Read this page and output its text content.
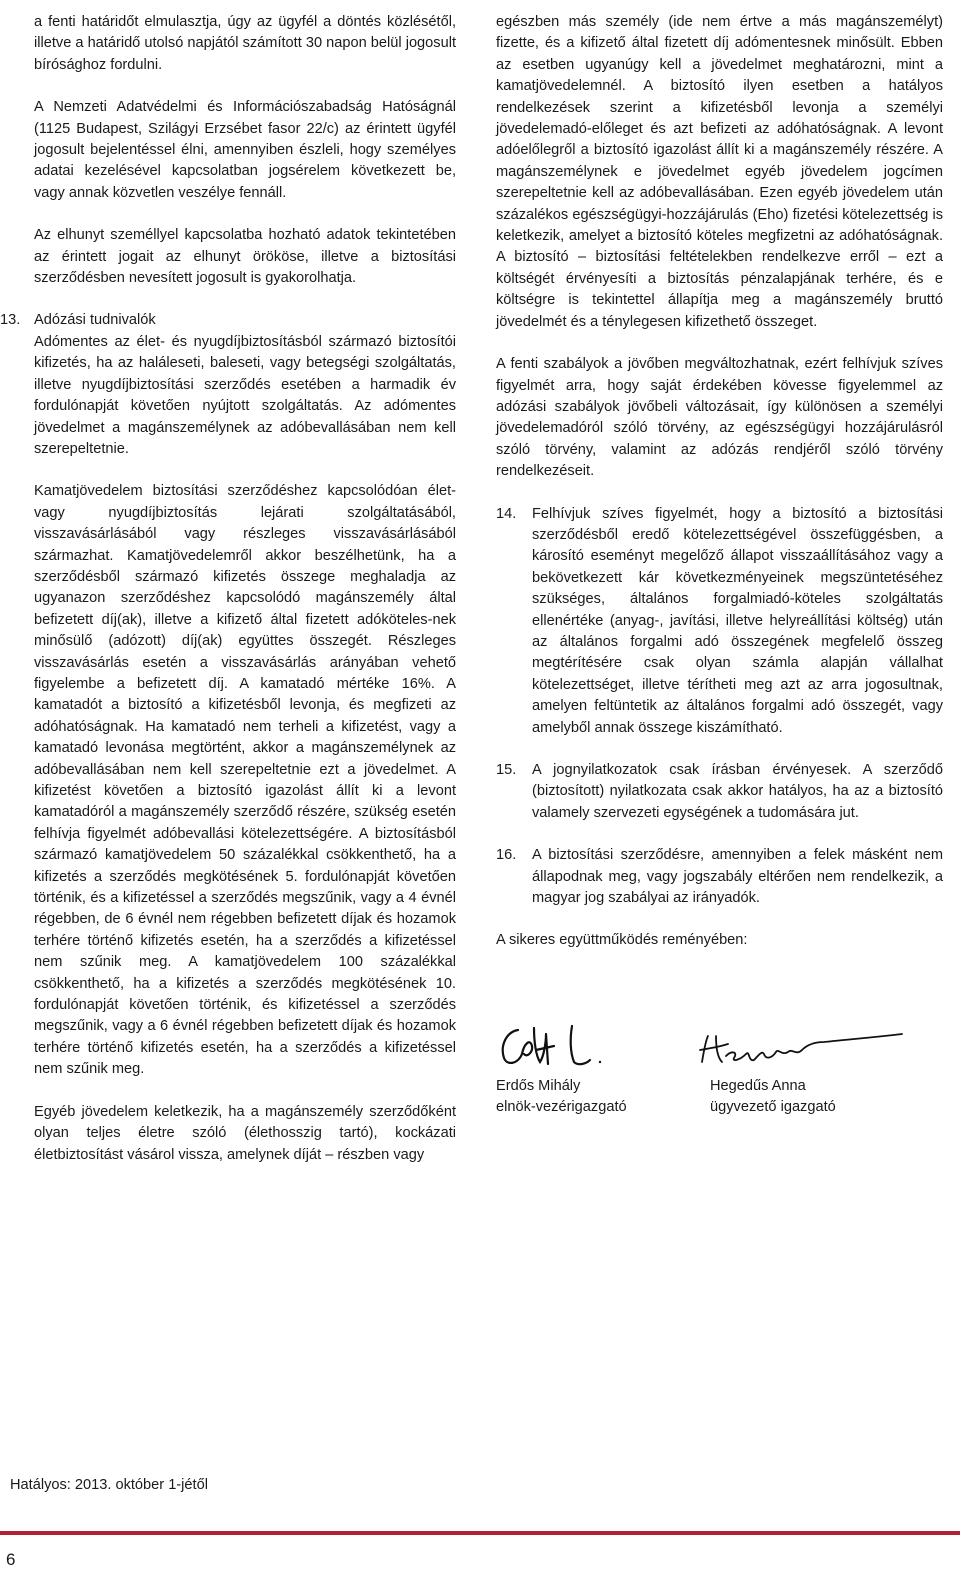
a fenti határidőt elmulasztja, úgy az ügyfél a döntés közlésétől, illetve a határidő utolsó napjától számított 30 napon belül jogosult bírósághoz fordulni.

A Nemzeti Adatvédelmi és Információszabadság Hatóságnál (1125 Budapest, Szilágyi Erzsébet fasor 22/c) az érintett ügyfél jogosult bejelentéssel élni, amennyiben észleli, hogy személyes adatai kezelésével kapcsolatban jogsérelem következett be, vagy annak közvetlen veszélye fennáll.

Az elhunyt személlyel kapcsolatba hozható adatok tekintetében az érintett jogait az elhunyt örököse, illetve a biztosítási szerződésben nevesített jogosult is gyakorolhatja.

13. Adózási tudnivalók

Adómentes az élet- és nyugdíjbiztosításból származó biztosítói kifizetés, ha az haláleseti, baleseti, vagy betegségi szolgáltatás, illetve nyugdíjbiztosítási szerződés esetében a harmadik év fordulónapját követően nyújtott szolgáltatás. Az adómentes jövedelmet a magánszemélynek az adóbevallásában nem kell szerepeltetnie.

Kamatjövedelem biztosítási szerződéshez kapcsolódóan élet- vagy nyugdíjbiztosítás lejárati szolgáltatásából, visszavásárlásából vagy részleges visszavásárlásából származhat. Kamatjövedelemről akkor beszélhetünk, ha a szerződésből származó kifizetés összege meghaladja az ugyanazon szerződéshez kapcsolódó magánszemély által befizetett díj(ak), illetve a kifizető által fizetett adóköteles-nek minősülő (adózott) díj(ak) együttes összegét. Részleges visszavásárlás esetén a visszavásárlás arányában vehető figyelembe a befizetett díj. A kamatadó mértéke 16%. A kamatadót a biztosító a kifizetésből levonja, és megfizeti az adóhatóságnak. Ha kamatadó nem terheli a kifizetést, vagy a kamatadó levonása megtörtént, akkor a magánszemélynek az adóbevallásában nem kell szerepeltetnie ezt a jövedelmet. A kifizetést követően a biztosító igazolást állít ki a levont kamatadóról a magánszemély szerződő részére, szükség esetén felhívja figyelmét adóbevallási kötelezettségére. A biztosításból származó kamatjövedelem 50 százalékkal csökkenthető, ha a kifizetés a szerződés megkötésének 5. fordulónapját követően történik, és a kifizetéssel a szerződés megszűnik, vagy a 4 évnél régebben, de 6 évnél nem régebben befizetett díjak és hozamok terhére történő kifizetés esetén, ha a szerződés a kifizetéssel nem szűnik meg. A kamatjövedelem 100 százalékkal csökkenthető, ha a kifizetés a szerződés megkötésének 10. fordulónapját követően történik, és kifizetéssel a szerződés megszűnik, vagy a 6 évnél régebben befizetett díjak és hozamok terhére történő kifizetés esetén, ha a szerződés a kifizetéssel nem szűnik meg.

Egyéb jövedelem keletkezik, ha a magánszemély szerződőként olyan teljes életre szóló (élethosszig tartó), kockázati életbiztosítást vásárol vissza, amelynek díját – részben vagy

egészben más személy (ide nem értve a más magánszemélyt) fizette, és a kifizető által fizetett díj adómentesnek minősült. Ebben az esetben ugyanúgy kell a jövedelmet meghatározni, mint a kamatjövedelemnél. A biztosító ilyen esetben a hatályos rendelkezések szerint a kifizetésből levonja a személyi jövedelemadó-előleget és azt befizeti az adóhatóságnak. A levont adóelőlegről a biztosító igazolást állít ki a magánszemély részére. A magánszemélynek e jövedelmet egyéb jövedelem jogcímen szerepeltetnie kell az adóbevallásában. Ezen egyéb jövedelem után százalékos egészségügyi-hozzájárulás (Eho) fizetési kötelezettség is keletkezik, amelyet a biztosító köteles megfizetni az adóhatóságnak. A biztosító – biztosítási feltételekben rendelkezve erről – ezt a költségét érvényesíti a biztosítás pénzalapjának terhére, és e költségre is tekintettel állapítja meg a magánszemély bruttó jövedelmét és a ténylegesen kifizethető összeget.

A fenti szabályok a jövőben megváltozhatnak, ezért felhívjuk szíves figyelmét arra, hogy saját érdekében kövesse figyelemmel az adózási szabályok jövőbeli változásait, így különösen a személyi jövedelemadóról szóló törvény, az egészségügyi hozzájárulásról szóló törvény, valamint az adózás rendjéről szóló törvény rendelkezéseit.

14. Felhívjuk szíves figyelmét, hogy a biztosító a biztosítási szerződésből eredő kötelezettségével összefüggésben, a károsító eseményt megelőző állapot visszaállításához vagy a bekövetkezett kár következményeinek megszüntetéséhez szükséges, általános forgalmiadó-köteles szolgáltatás ellenértéke (anyag-, javítási, illetve helyreállítási költség) után az általános forgalmi adó összegének megfelelő összeg megtérítésére csak olyan számla alapján vállalhat kötelezettséget, illetve térítheti meg azt az arra jogosultnak, amelyen feltüntetik az általános forgalmi adó összegét, vagy amelyből annak összege kiszámítható.

15. A jognyilatkozatok csak írásban érvényesek. A szerződő (biztosított) nyilatkozata csak akkor hatályos, ha az a biztosító valamely szervezeti egységének a tudomására jut.

16. A biztosítási szerződésre, amennyiben a felek másként nem állapodnak meg, vagy jogszabály eltérően nem rendelkezik, a magyar jog szabályai az irányadók.

A sikeres együttműködés reményében:

Erdős Mihály
elnök-vezérigazgató
Hegedűs Anna
ügyvezető igazgató
Hatályos: 2013. október 1-jétől
6
